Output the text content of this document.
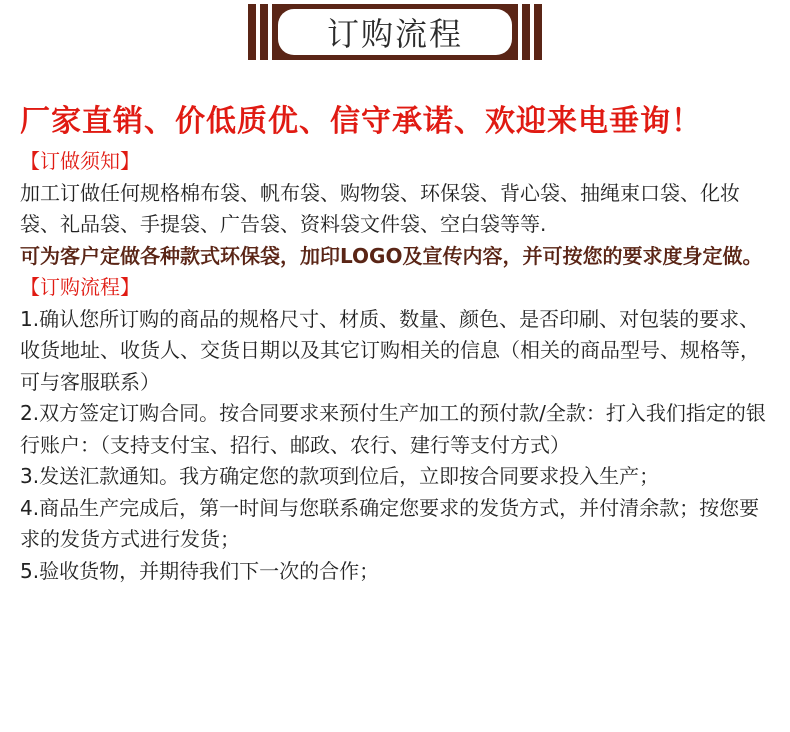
订购流程
厂家直销、价低质优、信守承诺、欢迎来电垂询！
【订做须知】
加工订做任何规格棉布袋、帆布袋、购物袋、环保袋、背心袋、抽绳束口袋、化妆袋、礼品袋、手提袋、广告袋、资料袋文件袋、空白袋等等.
可为客户定做各种款式环保袋，加印LOGO及宣传内容，并可按您的要求度身定做。
【订购流程】
1.确认您所订购的商品的规格尺寸、材质、数量、颜色、是否印刷、对包装的要求、收货地址、收货人、交货日期以及其它订购相关的信息（相关的商品型号、规格等，可与客服联系）
2.双方签定订购合同。按合同要求来预付生产加工的预付款/全款：打入我们指定的银行账户：（支持支付宝、招行、邮政、农行、建行等支付方式）
3.发送汇款通知。我方确定您的款项到位后，立即按合同要求投入生产；
4.商品生产完成后，第一时间与您联系确定您要求的发货方式，并付清余款；按您要求的发货方式进行发货；
5.验收货物，并期待我们下一次的合作；
